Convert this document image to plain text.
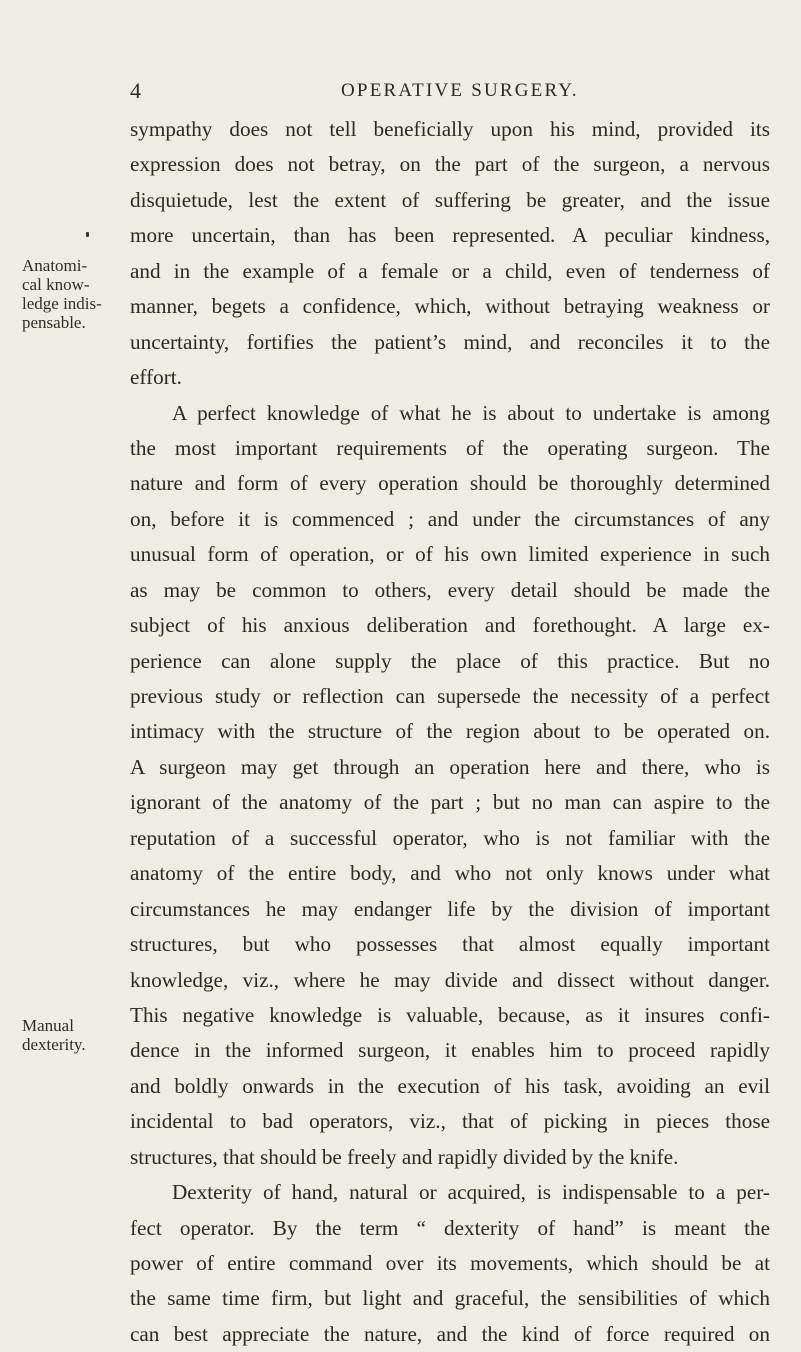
4	OPERATIVE SURGERY.
Anatomi-
cal know-
ledge indis-
pensable.
Manual
dexterity.
sympathy does not tell beneficially upon his mind, provided its
expression does not betray, on the part of the surgeon, a nervous
disquietude, lest the extent of suffering be greater, and the issue
more uncertain, than has been represented. A peculiar kindness,
and in the example of a female or a child, even of tenderness of
manner, begets a confidence, which, without betraying weakness or
uncertainty, fortifies the patient’s mind, and reconciles it to the
effort.
A perfect knowledge of what he is about to undertake is among
the most important requirements of the operating surgeon. The
nature and form of every operation should be thoroughly determined
on, before it is commenced ; and under the circumstances of any
unusual form of operation, or of his own limited experience in such
as may be common to others, every detail should be made the
subject of his anxious deliberation and forethought. A large ex-
perience can alone supply the place of this practice. But no
previous study or reflection can supersede the necessity of a perfect
intimacy with the structure of the region about to be operated on.
A surgeon may get through an operation here and there, who is
ignorant of the anatomy of the part ; but no man can aspire to the
reputation of a successful operator, who is not familiar with the
anatomy of the entire body, and who not only knows under what
circumstances he may endanger life by the division of important
structures, but who possesses that almost equally important
knowledge, viz., where he may divide and dissect without danger.
This negative knowledge is valuable, because, as it insures confi-
dence in the informed surgeon, it enables him to proceed rapidly
and boldly onwards in the execution of his task, avoiding an evil
incidental to bad operators, viz., that of picking in pieces those
structures, that should be freely and rapidly divided by the knife.
Dexterity of hand, natural or acquired, is indispensable to a per-
fect operator. By the term “ dexterity of hand” is meant the
power of entire command over its movements, which should be at
the same time firm, but light and graceful, the sensibilities of which
can best appreciate the nature, and the kind of force required on
